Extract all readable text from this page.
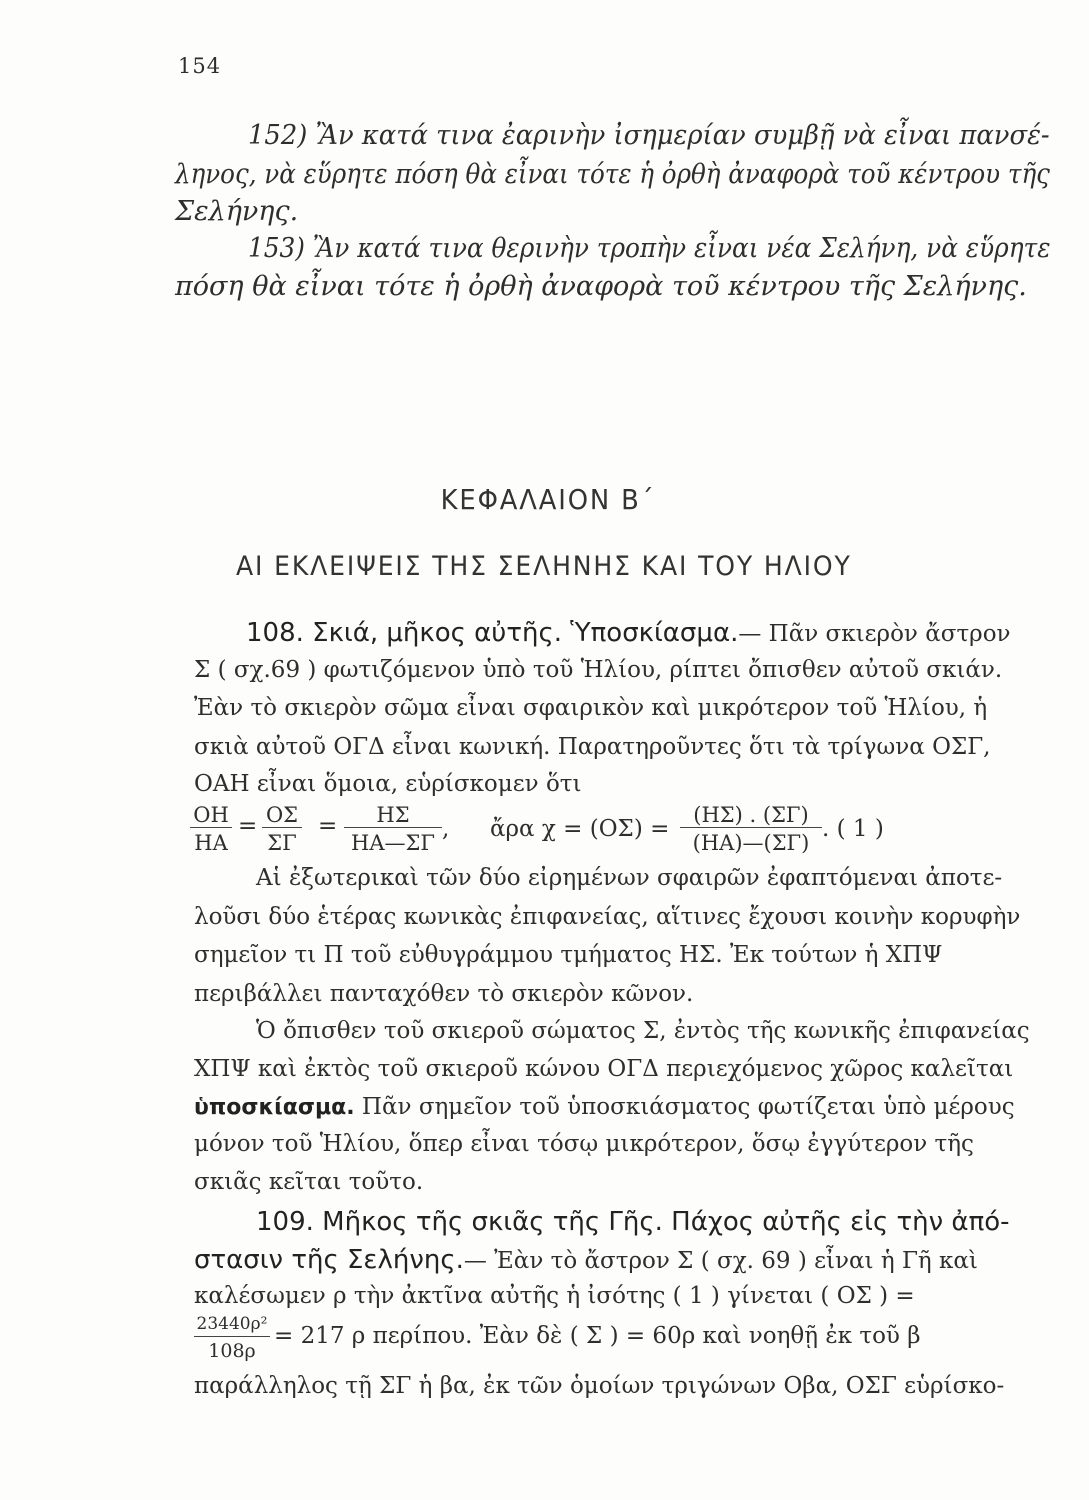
154
152) Ἂν κατά τινα ἐαρινὴν ἰσημερίαν συμβῇ νὰ εἶναι πανσέ-
ληνος, νὰ εὕρητε πόση θὰ εἶναι τότε ἡ ὀρθὴ ἀναφορὰ τοῦ κέντρου τῆς
Σελήνης.
153) Ἂν κατά τινα θερινὴν τροπὴν εἶναι νέα Σελήνη, νὰ εὕρητε
πόση θὰ εἶναι τότε ἡ ὀρθὴ ἀναφορὰ τοῦ κέντρου τῆς Σελήνης.
ΚΕΦΑΛΑΙΟΝ Β΄
ΑΙ ΕΚΛΕΙΨΕΙΣ ΤΗΣ ΣΕΛΗΝΗΣ ΚΑΙ ΤΟΥ ΗΛΙΟΥ
108. Σκιά, μῆκος αὐτῆς. Ὑποσκίασμα.— Πᾶν σκιερὸν ἄστρον
Σ ( σχ.69 ) φωτιζόμενον ὑπὸ τοῦ Ἡλίου, ρίπτει ὄπισθεν αὐτοῦ σκιάν.
Ἐὰν τὸ σκιερὸν σῶμα εἶναι σφαιρικὸν καὶ μικρότερον τοῦ Ἡλίου, ἡ
σκιὰ αὐτοῦ ΟΓΔ εἶναι κωνική. Παρατηροῦντες ὅτι τὰ τρίγωνα ΟΣΓ,
ΟΑΗ εἶναι ὅμοια, εὑρίσκομεν ὅτι
ΟΗ
ΗΑ
= ΟΣ
ΣΓ
=	ΗΣ
ΗΑ—ΣΓ
, ἄρα χ = (ΟΣ) =
(ΗΣ) . (ΣΓ)
(ΗΑ)—(ΣΓ)
. ( 1 )
Αἱ ἐξωτερικαὶ τῶν δύο εἰρημένων σφαιρῶν ἐφαπτόμεναι ἀποτε-
λοῦσι δύο ἑτέρας κωνικὰς ἐπιφανείας, αἵτινες ἔχουσι κοινὴν κορυφὴν
σημεῖον τι Π τοῦ εὐθυγράμμου τμήματος ΗΣ. Ἐκ τούτων ἡ ΧΠΨ
περιβάλλει πανταχόθεν τὸ σκιερὸν κῶνον.
Ὁ ὄπισθεν τοῦ σκιεροῦ σώματος Σ, ἐντὸς τῆς κωνικῆς ἐπιφανείας
ΧΠΨ καὶ ἐκτὸς τοῦ σκιεροῦ κώνου ΟΓΔ περιεχόμενος χῶρος καλεῖται
ὑποσκίασμα. Πᾶν σημεῖον τοῦ ὑποσκιάσματος φωτίζεται ὑπὸ μέρους
μόνον τοῦ Ἡλίου, ὅπερ εἶναι τόσῳ μικρότερον, ὅσῳ ἐγγύτερον τῆς
σκιᾶς κεῖται τοῦτο.
109. Μῆκος τῆς σκιᾶς τῆς Γῆς. Πάχος αὐτῆς εἰς τὴν ἀπό-
στασιν τῆς Σελήνης.— Ἐὰν τὸ ἄστρον Σ ( σχ. 69 ) εἶναι ἡ Γῆ καὶ
καλέσωμεν ρ τὴν ἀκτῖνα αὐτῆς ἡ ἰσότης ( 1 ) γίνεται ( ΟΣ ) =
23440ρ²
108ρ
= 217 ρ περίπου. Ἐὰν δὲ ( Σ ) = 60ρ καὶ νοηθῇ ἐκ τοῦ β
παράλληλος τῇ ΣΓ ἡ βα, ἐκ τῶν ὁμοίων τριγώνων Οβα, ΟΣΓ εὑρίσκο-
